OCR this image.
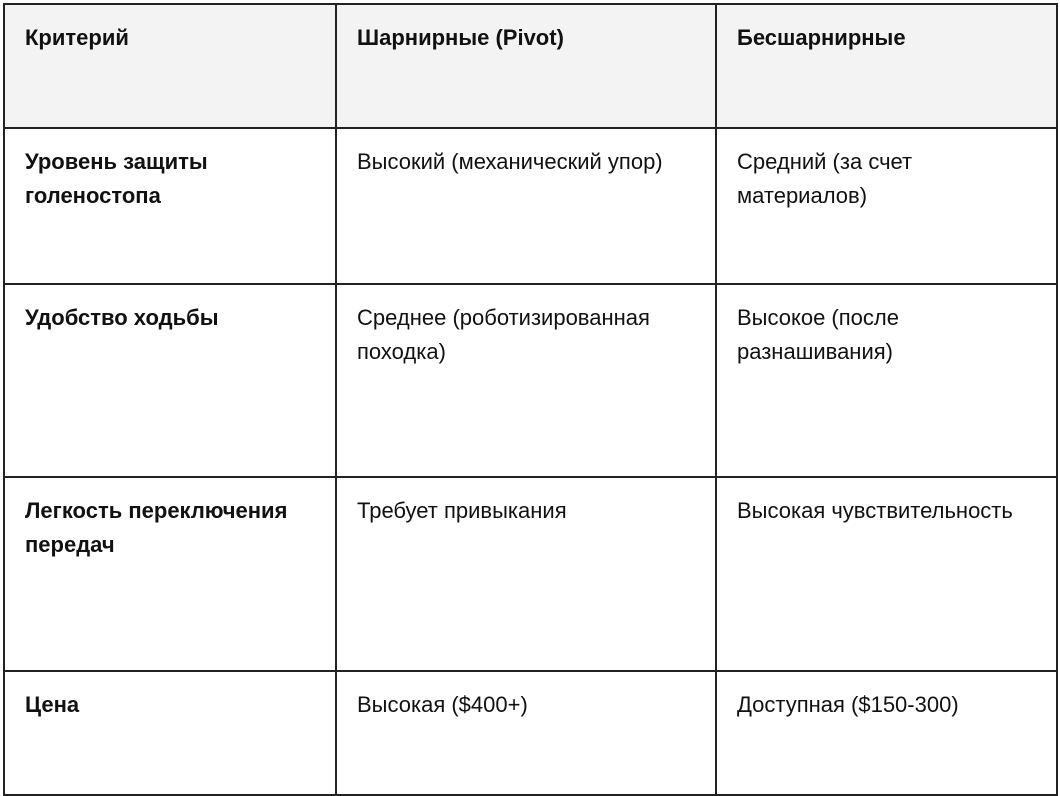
Критерий	Шарнирные (Pivot)	Бесшарнирные
Уровень защиты голеностопа	Высокий (механический упор)	Средний (за счет материалов)
Удобство ходьбы	Среднее (роботизированная походка)	Высокое (после разнашивания)
Легкость переключения передач	Требует привыкания	Высокая чувствительность
Цена	Высокая ($400+)	Доступная ($150-300)
